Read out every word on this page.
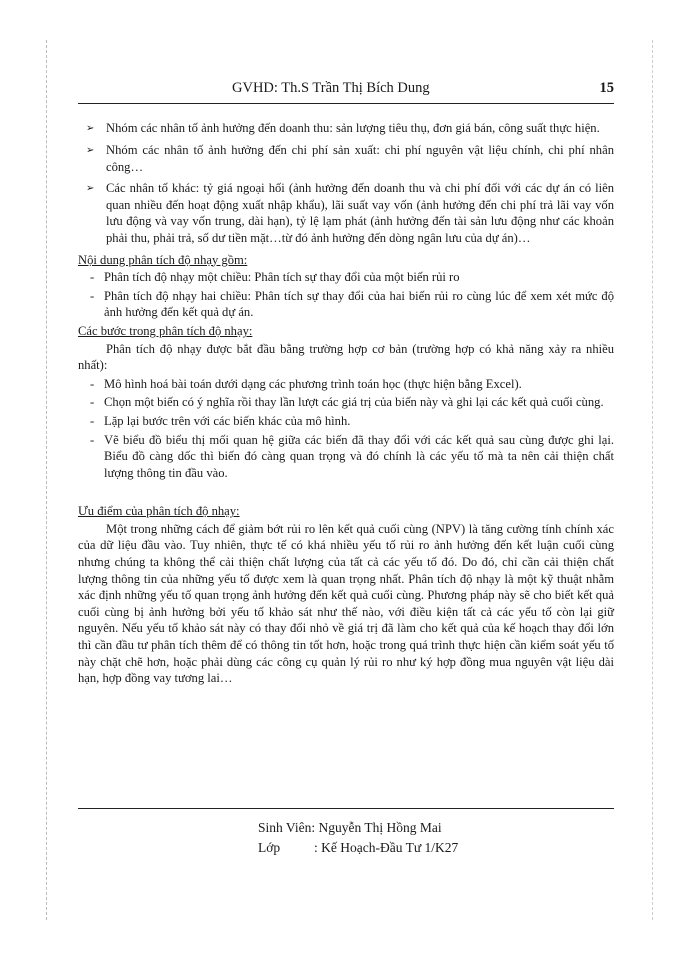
GVHD: Th.S Trần Thị Bích Dung	15
➢ Nhóm các nhân tố ảnh hưởng đến doanh thu: sản lượng tiêu thụ, đơn giá bán, công suất thực hiện.
➢ Nhóm các nhân tố ảnh hưởng đến chi phí sản xuất: chi phí nguyên vật liệu chính, chi phí nhân công…
➢ Các nhân tố khác: tỷ giá ngoại hối (ảnh hưởng đến doanh thu và chi phí đối với các dự án có liên quan nhiều đến hoạt động xuất nhập khẩu), lãi suất vay vốn (ảnh hưởng đến chi phí trả lãi vay vốn lưu động và vay vốn trung, dài hạn), tỷ lệ lạm phát (ảnh hưởng đến tài sản lưu động như các khoản phải thu, phải trả, số dư tiền mặt…từ đó ảnh hưởng đến dòng ngân lưu của dự án)…
Nội dung phân tích độ nhạy gồm:
- Phân tích độ nhạy một chiều: Phân tích sự thay đổi của một biến rủi ro
- Phân tích độ nhạy hai chiều: Phân tích sự thay đổi của hai biến rủi ro cùng lúc để xem xét mức độ ảnh hưởng đến kết quả dự án.
Các bước trong phân tích độ nhạy:
Phân tích độ nhạy được bắt đầu bằng trường hợp cơ bản (trường hợp có khả năng xảy ra nhiều nhất):
- Mô hình hoá bài toán dưới dạng các phương trình toán học (thực hiện bằng Excel).
- Chọn một biến có ý nghĩa rồi thay lần lượt các giá trị của biến này và ghi lại các kết quả cuối cùng.
- Lặp lại bước trên với các biến khác của mô hình.
- Vẽ biểu đồ biểu thị mối quan hệ giữa các biến đã thay đổi với các kết quả sau cùng được ghi lại. Biểu đồ càng dốc thì biến đó càng quan trọng và đó chính là các yếu tố mà ta nên cải thiện chất lượng thông tin đầu vào.
Ưu điểm của phân tích độ nhạy:
Một trong những cách để giảm bớt rủi ro lên kết quả cuối cùng (NPV) là tăng cường tính chính xác của dữ liệu đầu vào. Tuy nhiên, thực tế có khá nhiều yếu tố rủi ro ảnh hưởng đến kết luận cuối cùng nhưng chúng ta không thể cải thiện chất lượng của tất cả các yếu tố đó. Do đó, chỉ cần cải thiện chất lượng thông tin của những yếu tố được xem là quan trọng nhất. Phân tích độ nhạy là một kỹ thuật nhằm xác định những yếu tố quan trọng ảnh hưởng đến kết quả cuối cùng. Phương pháp này sẽ cho biết kết quả cuối cùng bị ảnh hưởng bởi yếu tố khảo sát như thế nào, với điều kiện tất cả các yếu tố còn lại giữ nguyên. Nếu yếu tố khảo sát này có thay đổi nhỏ về giá trị đã làm cho kết quả của kế hoạch thay đổi lớn thì cần đầu tư phân tích thêm để có thông tin tốt hơn, hoặc trong quá trình thực hiện cần kiểm soát yếu tố này chặt chẽ hơn, hoặc phải dùng các công cụ quản lý rủi ro như ký hợp đồng mua nguyên vật liệu dài hạn, hợp đồng vay tương lai…
Sinh Viên:
Nguyễn Thị Hồng Mai
Lớp	: Kế Hoạch-Đầu Tư 1/K27
